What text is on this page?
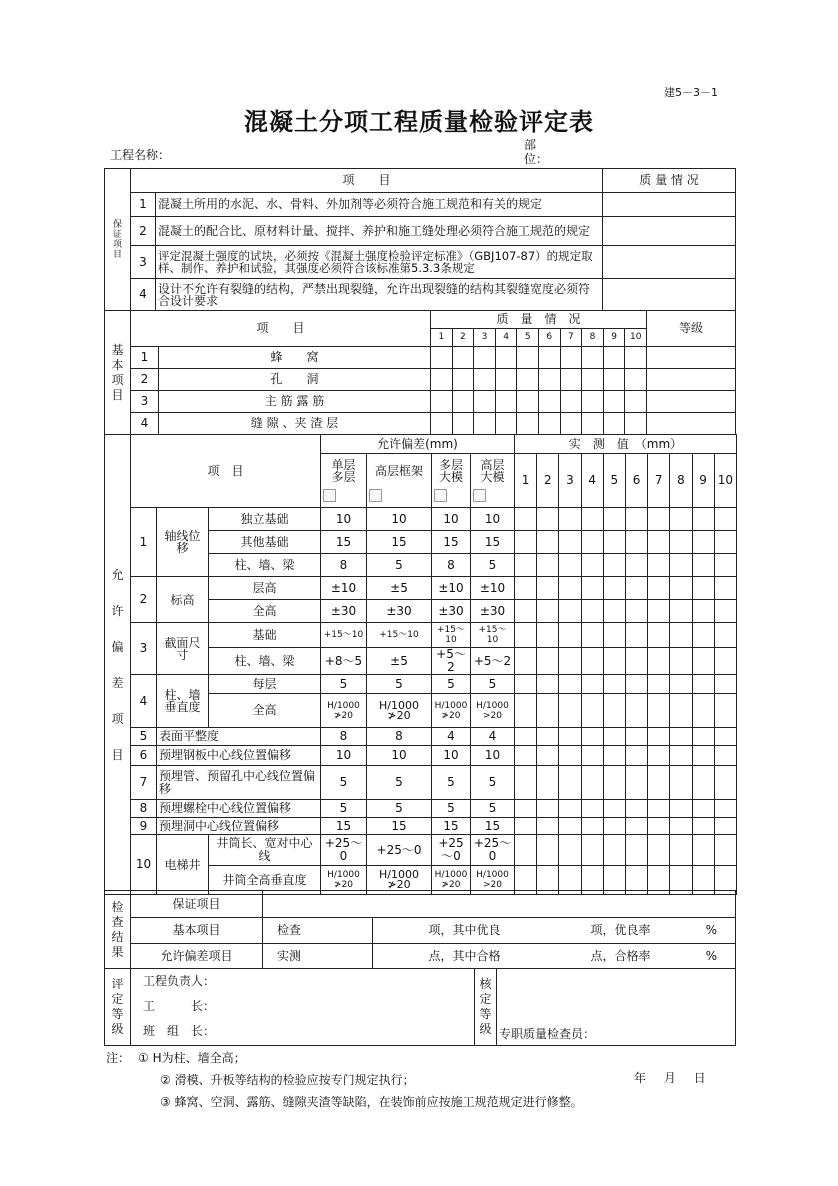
建5－3－1
混凝土分项工程质量检验评定表
工程名称：
部位：
保证项目	项　　目		质 量 情 况
	1	混凝土所用的水泥、水、骨料、外加剂等必须符合施工规范和有关的规定	
	2	混凝土的配合比、原材料计量、搅拌、养护和施工缝处理必须符合施工规范的规定	
	3	评定混凝土强度的试块，必须按《混凝土强度检验评定标准》（GBJ107-87）的规定取样、制作、养护和试验，其强度必须符合该标准第5.3.3条规定	
	4	设计不允许有裂缝的结构，严禁出现裂缝，允许出现裂缝的结构其裂缝宽度必须符合设计要求	
基本项目	项　　目		质　量　情　况										等级
			1	2	3	4	5	6	7	8	9	10	
	1	蜂　　窝											
	2	孔　　洞											
	3	主 筋 露 筋											
	4	缝 隙 、夹 渣 层											
允许偏差项目	项　目			允许偏差(mm)				实　测　值　（mm）									
				单层多层	高层框架	多层大模	高层大模	1	2	3	4	5	6	7	8	9	10

	1	轴线位移	独立基础	10	10	10	10										
			其他基础	15	15	15	15										
			柱、墙、梁	8	5	8	5										
	2	标高	层高	±10	±5	±10	±10										
			全高	±30	±30	±30	±30										
	3	截面尺寸	基础	+15～10	+15～10	+15～10	+15～10										
			柱、墙、梁	+8～5	±5	+5～2	+5～2										
	4	柱、墙垂直度	每层	5	5	5	5										
			全高	H/1000 ≯20	H/1000 ≯20	H/1000 ≯20	H/1000 >20										
	5	表面平整度		8	8	4	4										
	6	预埋钢板中心线位置偏移		10	10	10	10										
	7	预埋管、预留孔中心线位置偏移		5	5	5	5										
	8	预埋螺栓中心线位置偏移		5	5	5	5										
	9	预埋洞中心线位置偏移		15	15	15	15										
	10	电梯井	井筒长、宽对中心线	+25～0	+25～0	+25～0	+25～0										
			井筒全高垂直度	H/1000 ≯20	H/1000 ≯20	H/1000 ≯20	H/1000 >20										
检查结果	保证项目				
	基本项目	检查	项，其中优良	项，优良率	%
	允许偏差项目	实测	点，其中合格	点，合格率	%
评定等级

工程负责人：
工　　　长：
班　组　长：

核定等级	专职质量检查员：
注： ① H为柱、墙全高；
② 滑模、升板等结构的检验应按专门规定执行；
③ 蜂窝、空洞、露筋、缝隙夹渣等缺陷，在装饰前应按施工规范规定进行修整。
年 月 日
